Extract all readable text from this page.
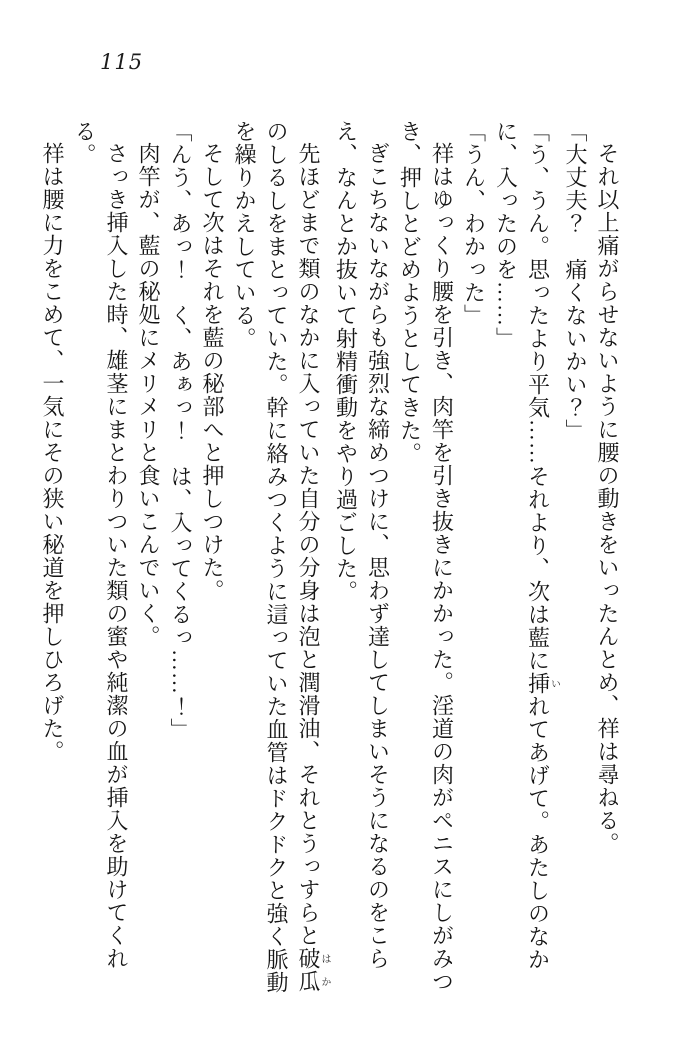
115

それ以上痛がらせないように腰の動きをいったんとめ、祥は尋ねる。

「大丈夫？　痛くないかい？」

「う、うん。思ったより平気……それより、次は藍に挿いれてあげて。あたしのなかに、入ったのを……」

「うん、わかった」

祥はゆっくり腰を引き、肉竿を引き抜きにかかった。淫道の肉がペニスにしがみつき、押しとどめようとしてきた。

ぎこちないながらも強烈な締めつけに、思わず達してしまいそうになるのをこらえ、なんとか抜いて射精衝動をやり過ごした。

先ほどまで類のなかに入っていた自分の分身は泡と潤滑油、それとうっすらと破瓜はかのしるしをまとっていた。幹に絡みつくように這っていた血管はドクドクと強く脈動を繰りかえしている。

そして次はそれを藍の秘部へと押しつけた。

「んう、あっ！　く、あぁっ！　は、入ってくるっ……！」

肉竿が、藍の秘処にメリメリと食いこんでいく。

さっき挿入した時、雄茎にまとわりついた類の蜜や純潔の血が挿入を助けてくれる。

祥は腰に力をこめて、一気にその狭い秘道を押しひろげた。
